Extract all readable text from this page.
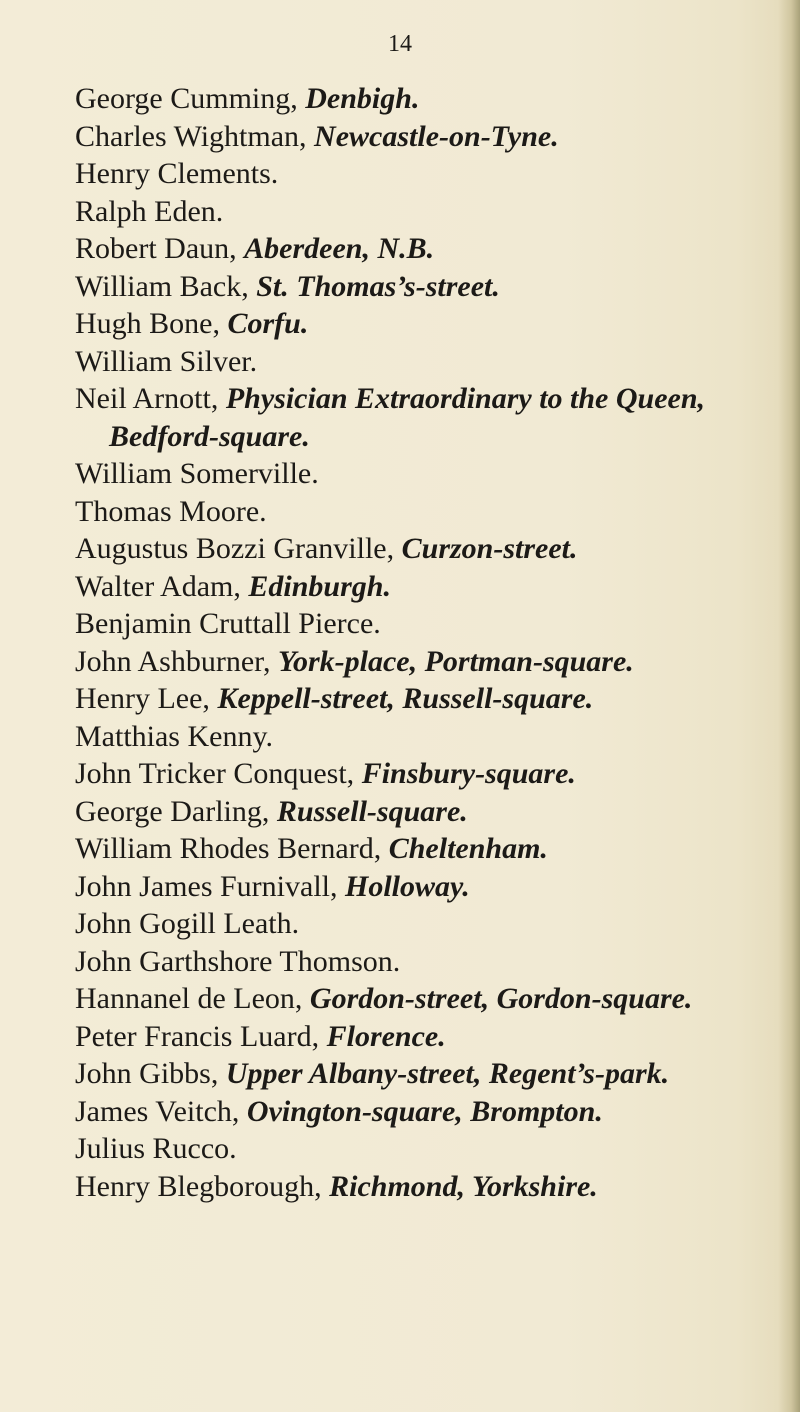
14
George Cumming, Denbigh.
Charles Wightman, Newcastle-on-Tyne.
Henry Clements.
Ralph Eden.
Robert Daun, Aberdeen, N.B.
William Back, St. Thomas’s-street.
Hugh Bone, Corfu.
William Silver.
Neil Arnott, Physician Extraordinary to the Queen, Bedford-square.
William Somerville.
Thomas Moore.
Augustus Bozzi Granville, Curzon-street.
Walter Adam, Edinburgh.
Benjamin Cruttall Pierce.
John Ashburner, York-place, Portman-square.
Henry Lee, Keppell-street, Russell-square.
Matthias Kenny.
John Tricker Conquest, Finsbury-square.
George Darling, Russell-square.
William Rhodes Bernard, Cheltenham.
John James Furnivall, Holloway.
John Gogill Leath.
John Garthshore Thomson.
Hannanel de Leon, Gordon-street, Gordon-square.
Peter Francis Luard, Florence.
John Gibbs, Upper Albany-street, Regent’s-park.
James Veitch, Ovington-square, Brompton.
Julius Rucco.
Henry Blegborough, Richmond, Yorkshire.
